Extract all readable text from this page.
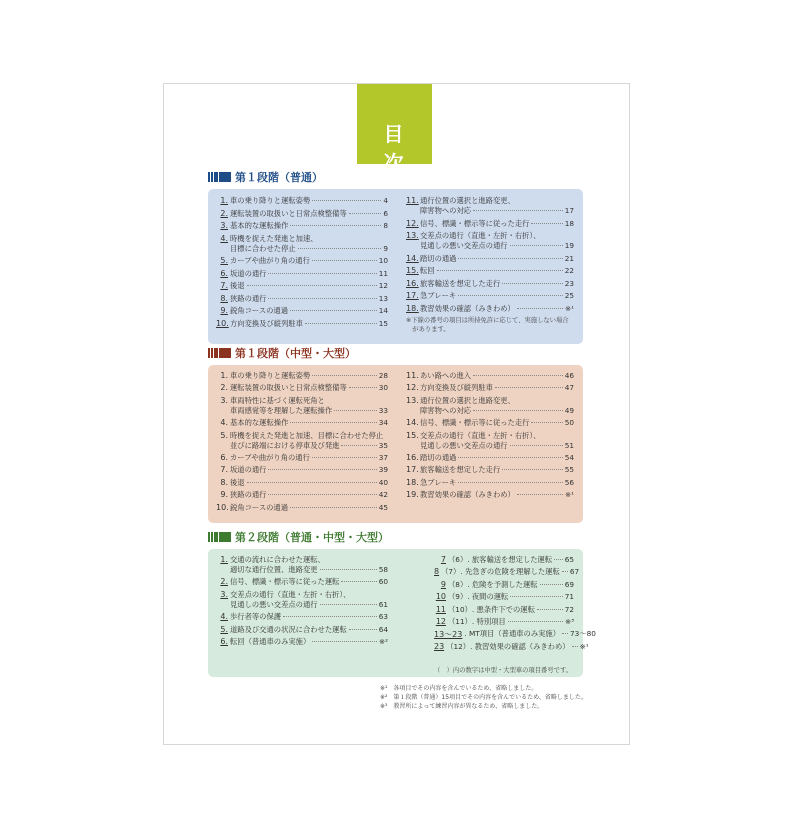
目 次
CONTENTS
第１段階（普通）
1. 車の乗り降りと運転姿勢	4
2. 運転装置の取扱いと日常点検整備等	6
3. 基本的な運転操作	8
4. 時機を捉えた発進と加速、
目標に合わせた停止	9
5. カーブや曲がり角の通行	10
6. 坂道の通行	11
7. 後退	12
8. 狭路の通行	13
9. 鋭角コースの通過	14
10. 方向変換及び縦列駐車	15
11. 通行位置の選択と進路変更、
障害物への対応	17
12. 信号、標識・標示等に従った走行	18
13. 交差点の通行（直進・左折・右折）、
見通しの悪い交差点の通行	19
14. 踏切の通過	21
15. 転回	22
16. 旅客輸送を想定した走行	23
17. 急ブレーキ	25
18. 教習効果の確認（みきわめ）	※¹
※下線の番号の項目は所持免許に応じて、実施しない場合
　があります。
第１段階（中型・大型）
1. 車の乗り降りと運転姿勢	28
2. 運転装置の取扱いと日常点検整備等	30
3. 車両特性に基づく運転死角と
車両感覚等を理解した運転操作	33
4. 基本的な運転操作	34
5. 時機を捉えた発進と加速、目標に合わせた停止
並びに路端における停車及び発進	35
6. カーブや曲がり角の通行	37
7. 坂道の通行	39
8. 後退	40
9. 狭路の通行	42
10. 鋭角コースの通過	45
11. あい路への進入	46
12. 方向変換及び縦列駐車	47
13. 通行位置の選択と進路変更、
障害物への対応	49
14. 信号、標識・標示等に従った走行	50
15. 交差点の通行（直進・左折・右折）、
見通しの悪い交差点の通行	51
16. 踏切の通過	54
17. 旅客輸送を想定した走行	55
18. 急ブレーキ	56
19. 教習効果の確認（みきわめ）	※¹
第２段階（普通・中型・大型）
1. 交通の流れに合わせた運転、
適切な通行位置、進路変更	58
2. 信号、標識・標示等に従った運転	60
3. 交差点の通行（直進・左折・右折）、
見通しの悪い交差点の通行	61
4. 歩行者等の保護	63
5. 道路及び交通の状況に合わせた運転	64
6. 転回（普通車のみ実施）	※²
7 （6）. 旅客輸送を想定した運転 65
8 （7）. 先急ぎの危険を理解した運転 67
9 （8）. 危険を予測した運転	69
10 （9）. 夜間の運転	71
11 （10）. 悪条件下での運転	72
12 （11）. 特別項目	※³
13～23 . MT項目（普通車のみ実施） 73～80
23 （12）. 教習効果の確認（みきわめ） ※¹
（　）内の数字は中型・大型車の項目番号です。
※¹　各項目でその内容を含んでいるため、省略しました。
※²　第１段階（普通）15項目でその内容を含んでいるため、省略しました。
※³　教習所によって練習内容が異なるため、省略しました。
